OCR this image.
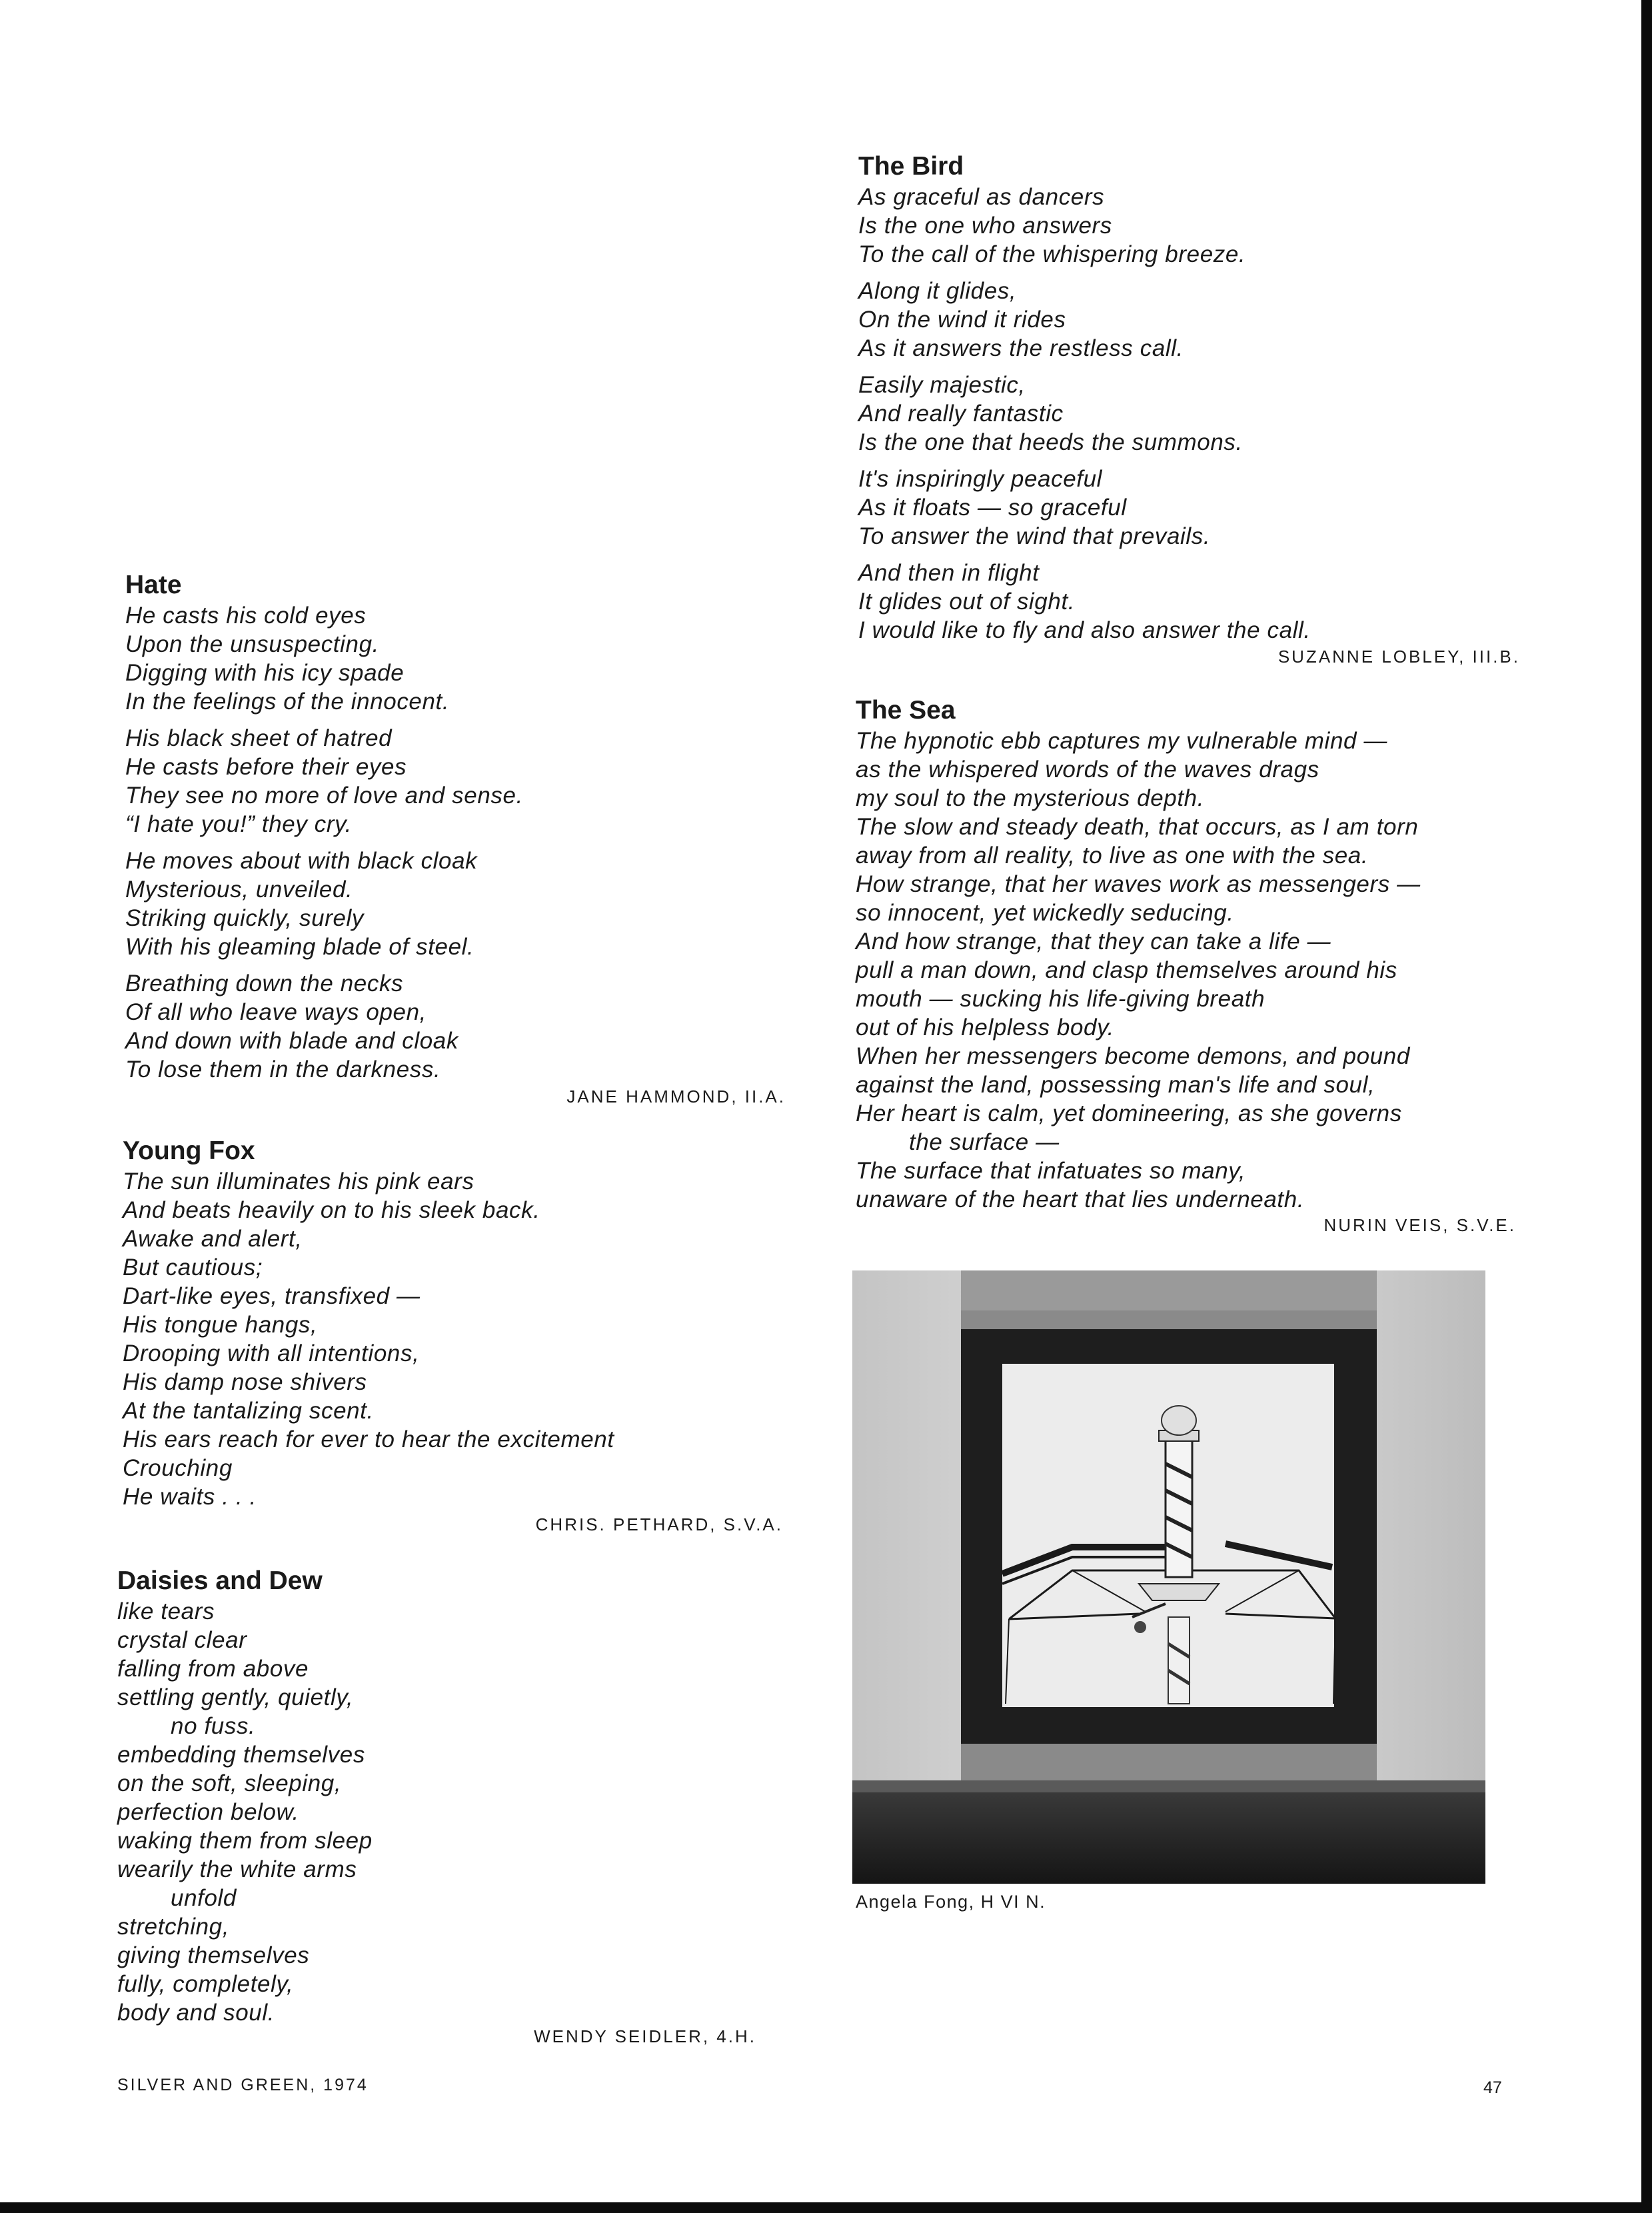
Hate
He casts his cold eyes
Upon the unsuspecting.
Digging with his icy spade
In the feelings of the innocent.
His black sheet of hatred
He casts before their eyes
They see no more of love and sense.
“I hate you!” they cry.
He moves about with black cloak
Mysterious, unveiled.
Striking quickly, surely
With his gleaming blade of steel.
Breathing down the necks
Of all who leave ways open,
And down with blade and cloak
To lose them in the darkness.
JANE HAMMOND, II.A.
Young Fox
The sun illuminates his pink ears
And beats heavily on to his sleek back.
Awake and alert,
But cautious;
Dart-like eyes, transfixed —
His tongue hangs,
Drooping with all intentions,
His damp nose shivers
At the tantalizing scent.
His ears reach for ever to hear the excitement
Crouching
He waits . . .
CHRIS. PETHARD, S.V.A.
Daisies and Dew
like tears
crystal clear
falling from above
settling gently, quietly,
no fuss.
embedding themselves
on the soft, sleeping,
perfection below.
waking them from sleep
wearily the white arms
unfold
stretching,
giving themselves
fully, completely,
body and soul.
WENDY SEIDLER, 4.H.
The Bird
As graceful as dancers
Is the one who answers
To the call of the whispering breeze.
Along it glides,
On the wind it rides
As it answers the restless call.
Easily majestic,
And really fantastic
Is the one that heeds the summons.
It's inspiringly peaceful
As it floats — so graceful
To answer the wind that prevails.
And then in flight
It glides out of sight.
I would like to fly and also answer the call.
SUZANNE LOBLEY, III.B.
The Sea
The hypnotic ebb captures my vulnerable mind —
as the whispered words of the waves drags
my soul to the mysterious depth.
The slow and steady death, that occurs, as I am torn
away from all reality, to live as one with the sea.
How strange, that her waves work as messengers —
so innocent, yet wickedly seducing.
And how strange, that they can take a life —
pull a man down, and clasp themselves around his
mouth — sucking his life-giving breath
out of his helpless body.
When her messengers become demons, and pound
against the land, possessing man's life and soul,
Her heart is calm, yet domineering, as she governs
the surface —
The surface that infatuates so many,
unaware of the heart that lies underneath.
NURIN VEIS, S.V.E.
Angela Fong, H VI N.
SILVER AND GREEN, 1974	47
